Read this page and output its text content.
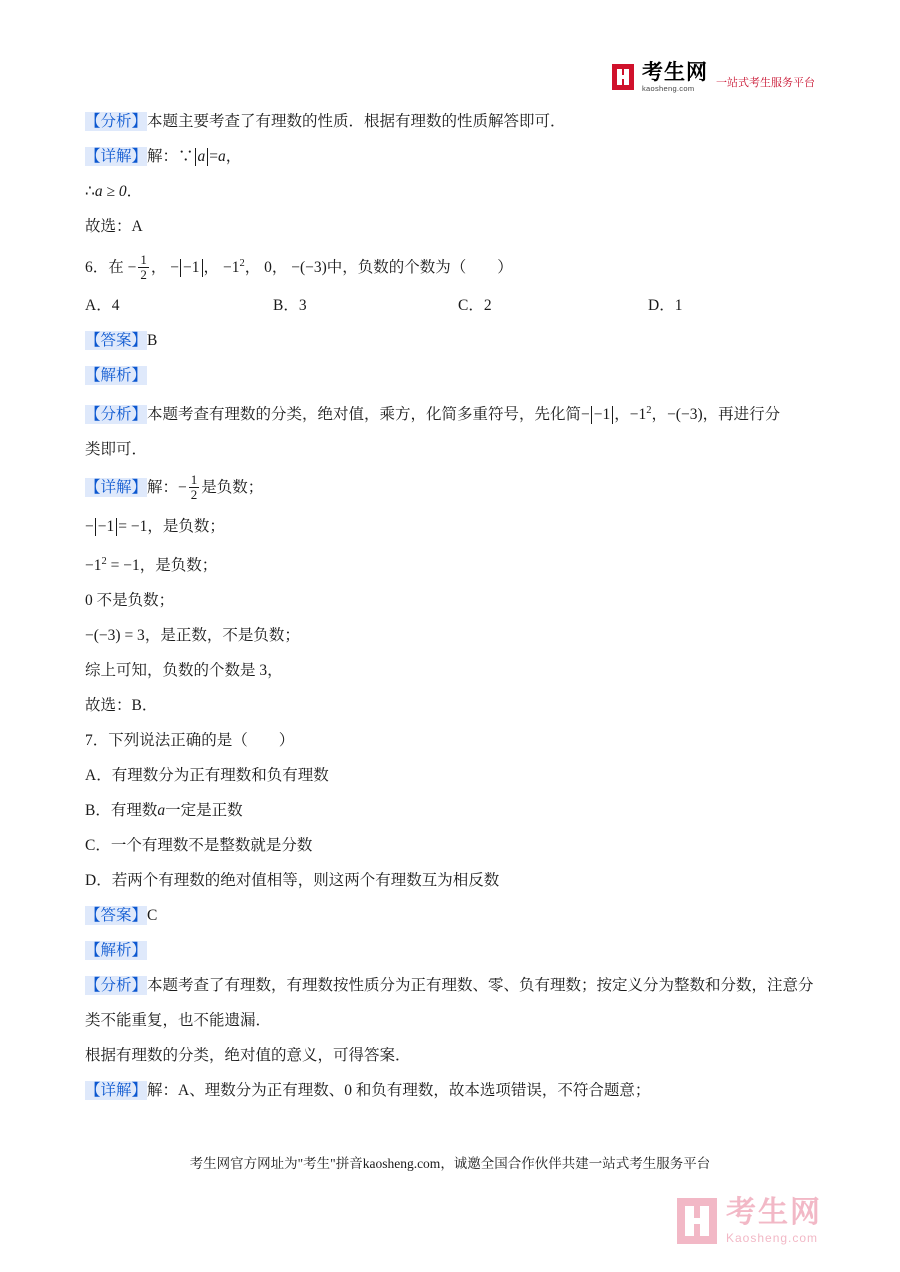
考生网
kaosheng.com	一站式考生服务平台

【分析】本题主要考查了有理数的性质．根据有理数的性质解答即可．

【详解】解：∵ a =a，

∴a ≥ 0．

故选：A

6．在 − $\frac{1}{2}$ ， − −1 ， $-1^2$， 0， −(−3)中，负数的个数为（　　）

A．4	B．3	C．2	D．1

【答案】B

【解析】

【分析】本题考查有理数的分类，绝对值，乘方，化简多重符号，先化简− −1 ，$-1^2$，−(−3)，再进行分

类即可．

【详解】解：− $\frac{1}{2}$ 是负数；

− −1 = −1，是负数；

$-1^2 = -1$，是负数；

0 不是负数；

−(−3) = 3，是正数，不是负数；

综上可知，负数的个数是 3，

故选：B．

7．下列说法正确的是（　　）

A．有理数分为正有理数和负有理数

B．有理数a一定是正数

C．一个有理数不是整数就是分数

D．若两个有理数的绝对值相等，则这两个有理数互为相反数

【答案】C

【解析】

【分析】本题考查了有理数，有理数按性质分为正有理数、零、负有理数；按定义分为整数和分数，注意分

类不能重复，也不能遗漏．

根据有理数的分类，绝对值的意义，可得答案．

【详解】解：A、理数分为正有理数、0 和负有理数，故本选项错误，不符合题意；

考生网官方网址为"考生"拼音kaosheng.com，诚邀全国合作伙伴共建一站式考生服务平台
考生网
Kaosheng.com
